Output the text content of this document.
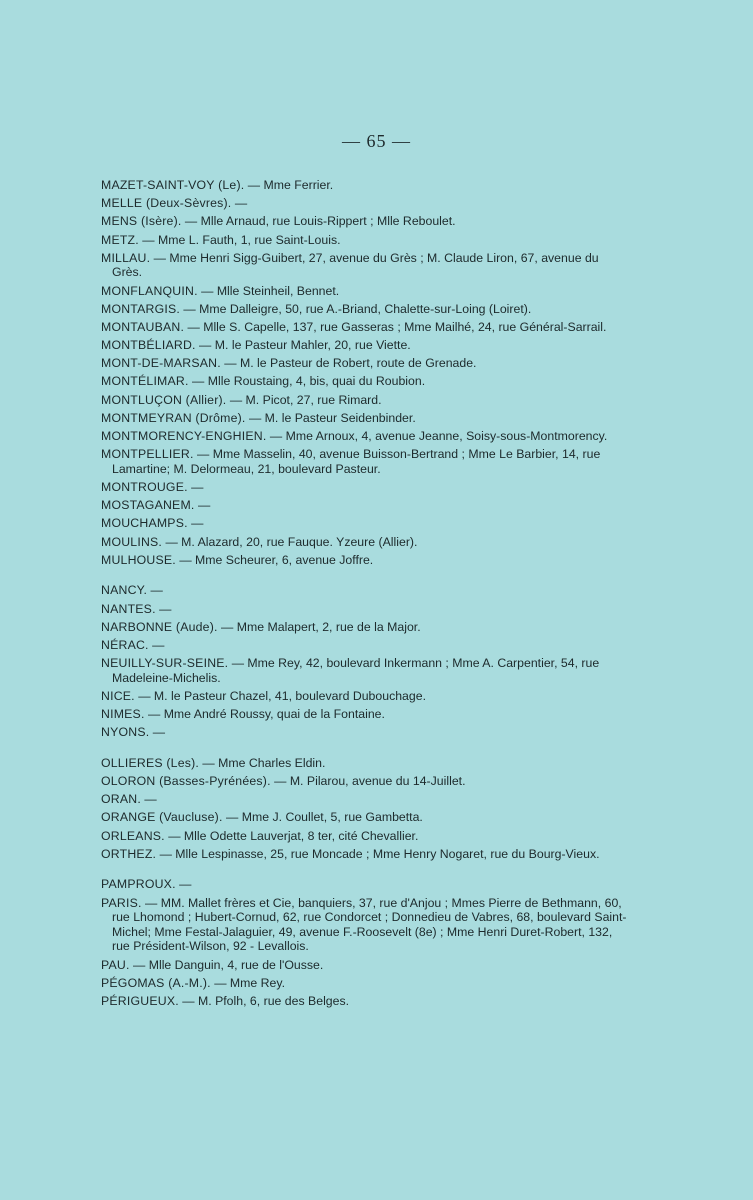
— 65 —
MAZET-SAINT-VOY (Le). — Mme Ferrier.
MELLE (Deux-Sèvres). —
MENS (Isère). — Mlle Arnaud, rue Louis-Rippert ; Mlle Reboulet.
METZ. — Mme L. Fauth, 1, rue Saint-Louis.
MILLAU. — Mme Henri Sigg-Guibert, 27, avenue du Grès ; M. Claude Liron, 67, avenue du Grès.
MONFLANQUIN. — Mlle Steinheil, Bennet.
MONTARGIS. — Mme Dalleigre, 50, rue A.-Briand, Chalette-sur-Loing (Loiret).
MONTAUBAN. — Mlle S. Capelle, 137, rue Gasseras ; Mme Mailhé, 24, rue Général-Sarrail.
MONTBÉLIARD. — M. le Pasteur Mahler, 20, rue Viette.
MONT-DE-MARSAN. — M. le Pasteur de Robert, route de Grenade.
MONTÉLIMAR. — Mlle Roustaing, 4, bis, quai du Roubion.
MONTLUÇON (Allier). — M. Picot, 27, rue Rimard.
MONTMEYRAN (Drôme). — M. le Pasteur Seidenbinder.
MONTMORENCY-ENGHIEN. — Mme Arnoux, 4, avenue Jeanne, Soisy-sous-Montmorency.
MONTPELLIER. — Mme Masselin, 40, avenue Buisson-Bertrand ; Mme Le Barbier, 14, rue Lamartine; M. Delormeau, 21, boulevard Pasteur.
MONTROUGE. —
MOSTAGANEM. —
MOUCHAMPS. —
MOULINS. — M. Alazard, 20, rue Fauque. Yzeure (Allier).
MULHOUSE. — Mme Scheurer, 6, avenue Joffre.
NANCY. —
NANTES. —
NARBONNE (Aude). — Mme Malapert, 2, rue de la Major.
NÉRAC. —
NEUILLY-SUR-SEINE. — Mme Rey, 42, boulevard Inkermann ; Mme A. Carpentier, 54, rue Madeleine-Michelis.
NICE. — M. le Pasteur Chazel, 41, boulevard Dubouchage.
NIMES. — Mme André Roussy, quai de la Fontaine.
NYONS. —
OLLIERES (Les). — Mme Charles Eldin.
OLORON (Basses-Pyrénées). — M. Pilarou, avenue du 14-Juillet.
ORAN. —
ORANGE (Vaucluse). — Mme J. Coullet, 5, rue Gambetta.
ORLEANS. — Mlle Odette Lauverjat, 8 ter, cité Chevallier.
ORTHEZ. — Mlle Lespinasse, 25, rue Moncade ; Mme Henry Nogaret, rue du Bourg-Vieux.
PAMPROUX. —
PARIS. — MM. Mallet frères et Cie, banquiers, 37, rue d'Anjou ; Mmes Pierre de Bethmann, 60, rue Lhomond ; Hubert-Cornud, 62, rue Condorcet ; Donnedieu de Vabres, 68, boulevard Saint-Michel; Mme Festal-Jalaguier, 49, avenue F.-Roosevelt (8e) ; Mme Henri Duret-Robert, 132, rue Président-Wilson, 92 - Levallois.
PAU. — Mlle Danguin, 4, rue de l'Ousse.
PÉGOMAS (A.-M.). — Mme Rey.
PÉRIGUEUX. — M. Pfolh, 6, rue des Belges.
